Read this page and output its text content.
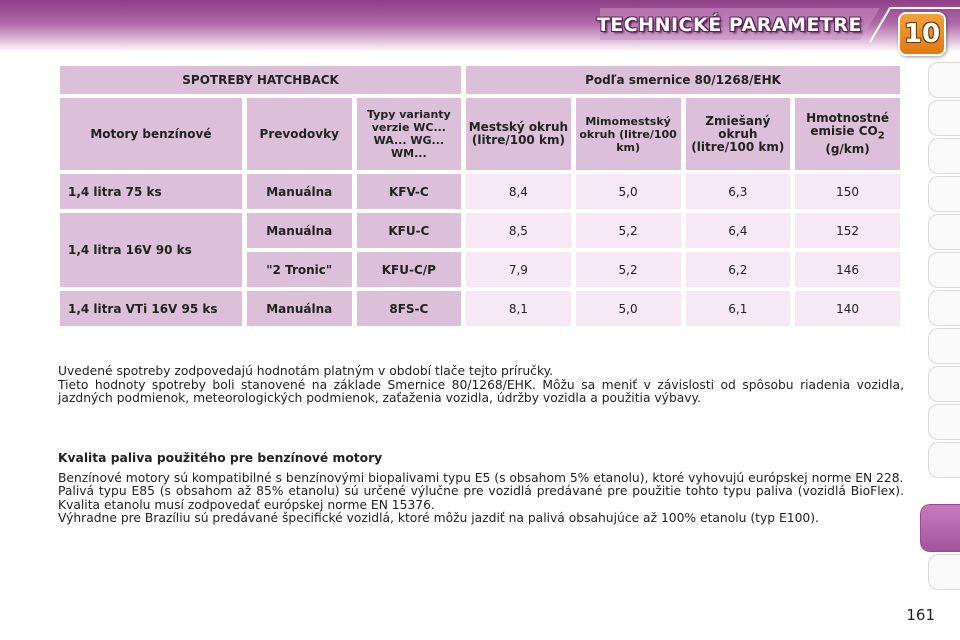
TECHNICKÉ PARAMETRE 10
SPOTREBY HATCHBACK			Podľa smernice 80/1268/EHK			
Motory benzínové	Prevodovky	Typy varianty verzie WC... WA... WG... WM...	Mestský okruh (litre/100 km)	Mimomestský okruh (litre/100 km)	Zmiešaný okruh (litre/100 km)	Hmotnostné emisie $CO_2$ (g/km)
1,4 litra 75 ks	Manuálna	KFV-C	8,4	5,0	6,3	150
1,4 litra 16V 90 ks	Manuálna	KFU-C	8,5	5,2	6,4	152
	"2 Tronic"	KFU-C/P	7,9	5,2	6,2	146
1,4 litra VTi 16V 95 ks	Manuálna	8FS-C	8,1	5,0	6,1	140

Uvedené spotreby zodpovedajú hodnotám platným v období tlače tejto príručky.

Tieto hodnoty spotreby boli stanovené na základe Smernice 80/1268/EHK. Môžu sa meniť v závislosti od spôsobu riadenia vozidla, jazdných podmienok, meteorologických podmienok, zaťaženia vozidla, údržby vozidla a použitia výbavy.

Kvalita paliva použitého pre benzínové motory

Benzínové motory sú kompatibilné s benzínovými biopalivami typu E5 (s obsahom 5% etanolu), ktoré vyhovujú európskej norme EN 228.

Palivá typu E85 (s obsahom až 85% etanolu) sú určené výlučne pre vozidlá predávané pre použitie tohto typu paliva (vozidlá BioFlex). Kvalita etanolu musí zodpovedať európskej norme EN 15376.

Výhradne pre Brazíliu sú predávané špecifické vozidlá, ktoré môžu jazdiť na palivá obsahujúce až 100% etanolu (typ E100).

161
